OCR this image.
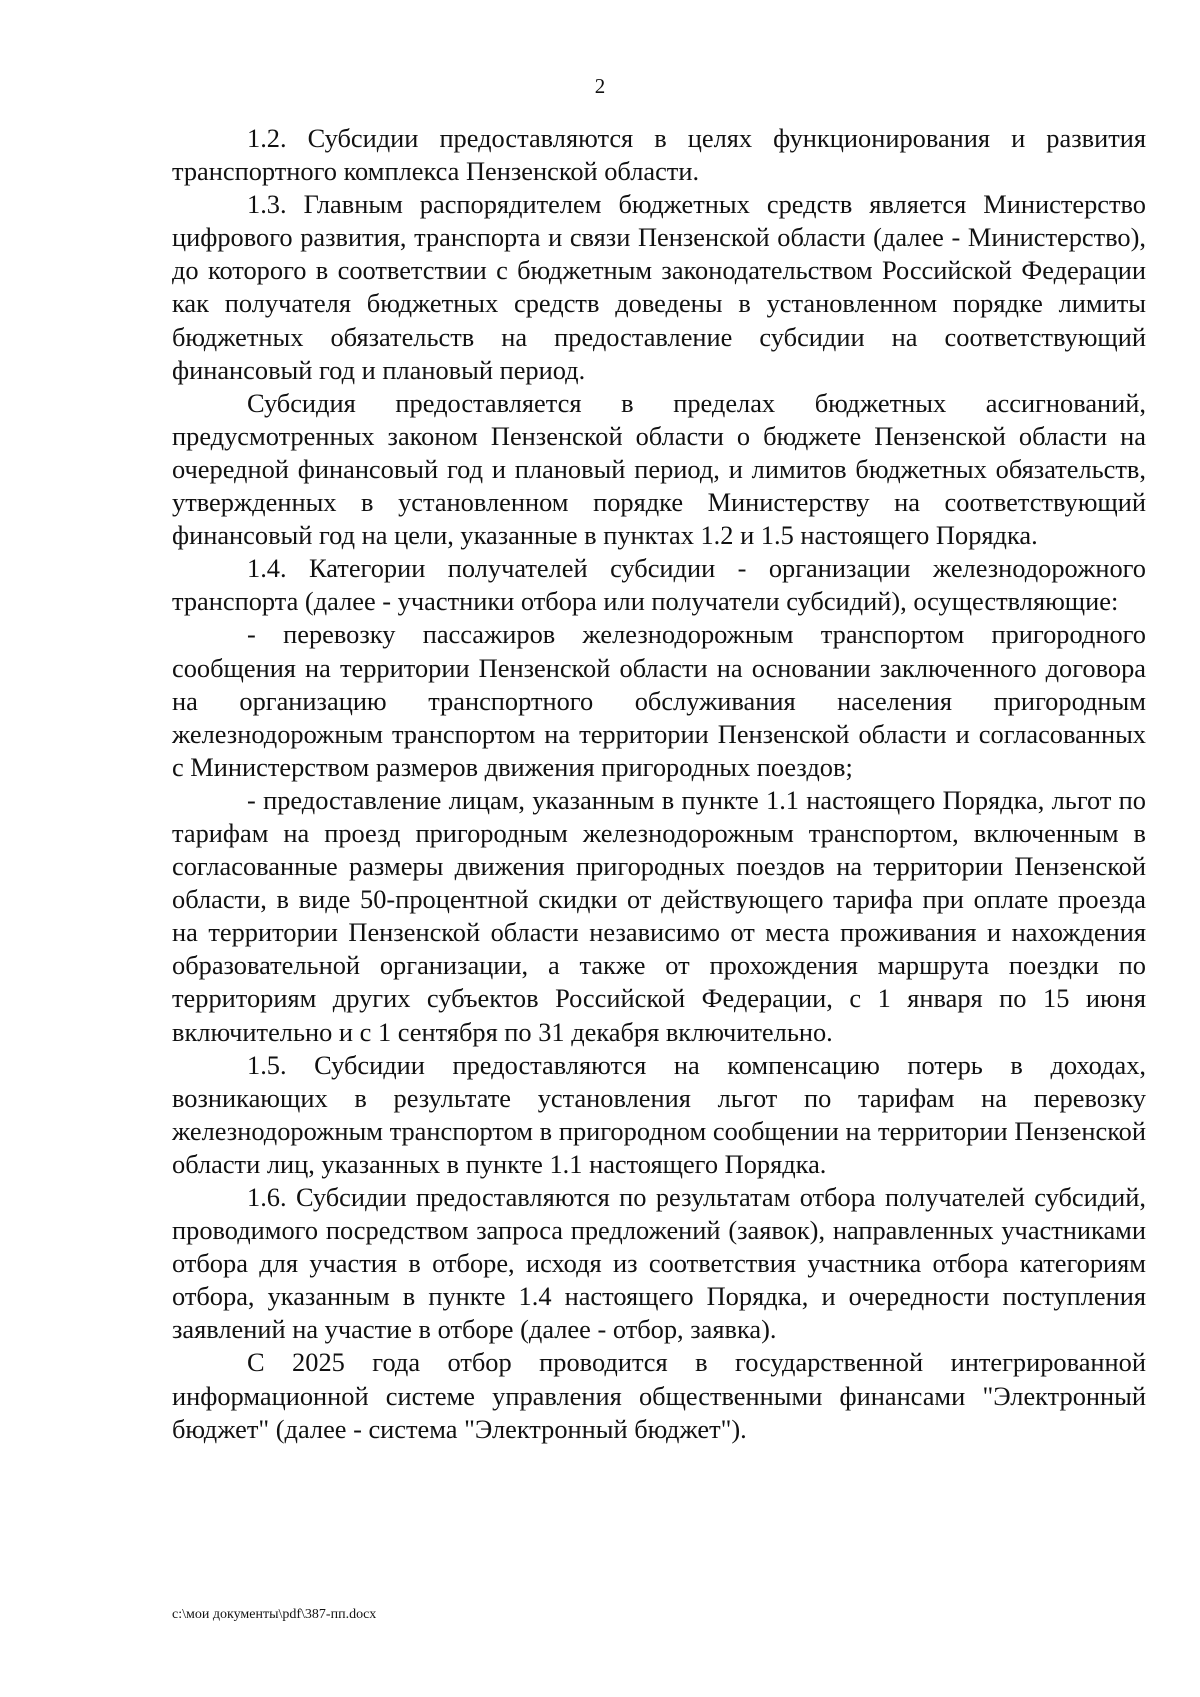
2

1.2. Субсидии предоставляются в целях функционирования и развития транспортного комплекса Пензенской области.

1.3. Главным распорядителем бюджетных средств является Министерство цифрового развития, транспорта и связи Пензенской области (далее - Министерство), до которого в соответствии с бюджетным законодательством Российской Федерации как получателя бюджетных средств доведены в установленном порядке лимиты бюджетных обязательств на предоставление субсидии на соответствующий финансовый год и плановый период.

Субсидия предоставляется в пределах бюджетных ассигнований, предусмотренных законом Пензенской области о бюджете Пензенской области на очередной финансовый год и плановый период, и лимитов бюджетных обязательств, утвержденных в установленном порядке Министерству на соответствующий финансовый год на цели, указанные в пунктах 1.2 и 1.5 настоящего Порядка.

1.4. Категории получателей субсидии - организации железнодорожного транспорта (далее - участники отбора или получатели субсидий), осуществляющие:

- перевозку пассажиров железнодорожным транспортом пригородного сообщения на территории Пензенской области на основании заключенного договора на организацию транспортного обслуживания населения пригородным железнодорожным транспортом на территории Пензенской области и согласованных с Министерством размеров движения пригородных поездов;

- предоставление лицам, указанным в пункте 1.1 настоящего Порядка, льгот по тарифам на проезд пригородным железнодорожным транспортом, включенным в согласованные размеры движения пригородных поездов на территории Пензенской области, в виде 50-процентной скидки от действующего тарифа при оплате проезда на территории Пензенской области независимо от места проживания и нахождения образовательной организации, а также от прохождения маршрута поездки по территориям других субъектов Российской Федерации, с 1 января по 15 июня включительно и с 1 сентября по 31 декабря включительно.

1.5. Субсидии предоставляются на компенсацию потерь в доходах, возникающих в результате установления льгот по тарифам на перевозку железнодорожным транспортом в пригородном сообщении на территории Пензенской области лиц, указанных в пункте 1.1 настоящего Порядка.

1.6. Субсидии предоставляются по результатам отбора получателей субсидий, проводимого посредством запроса предложений (заявок), направленных участниками отбора для участия в отборе, исходя из соответствия участника отбора категориям отбора, указанным в пункте 1.4 настоящего Порядка, и очередности поступления заявлений на участие в отборе (далее - отбор, заявка).

С 2025 года отбор проводится в государственной интегрированной информационной системе управления общественными финансами "Электронный бюджет" (далее - система "Электронный бюджет").

c:\мои документы\pdf\387-пп.docx
